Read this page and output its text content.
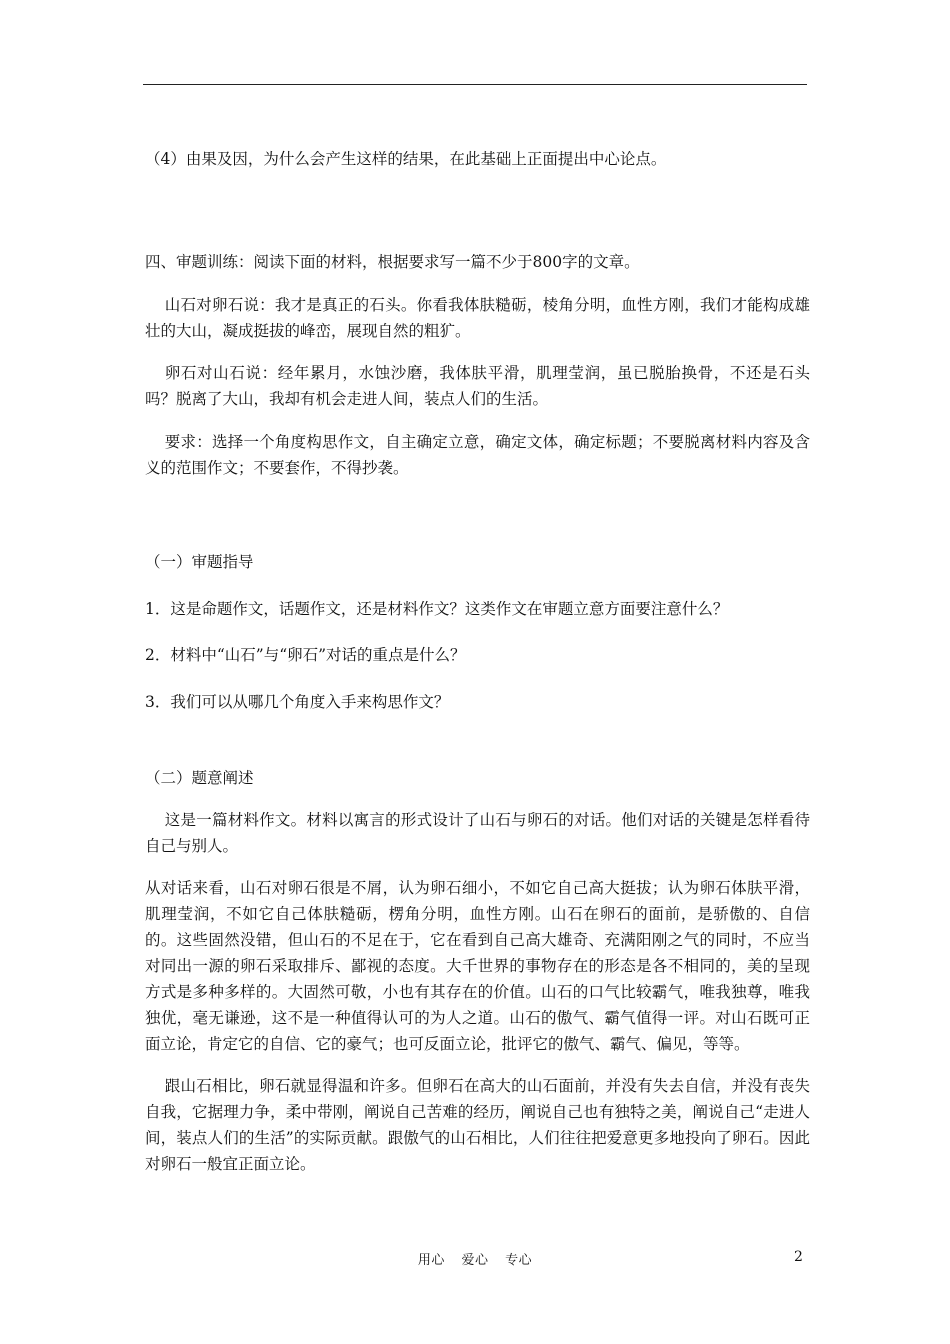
（4）由果及因，为什么会产生这样的结果，在此基础上正面提出中心论点。

四、审题训练：阅读下面的材料，根据要求写一篇不少于800字的文章。

山石对卵石说：我才是真正的石头。你看我体肤糙砺，棱角分明，血性方刚，我们才能构成雄壮的大山，凝成挺拔的峰峦，展现自然的粗犷。

卵石对山石说：经年累月，水蚀沙磨，我体肤平滑，肌理莹润，虽已脱胎换骨，不还是石头吗？脱离了大山，我却有机会走进人间，装点人们的生活。

要求：选择一个角度构思作文，自主确定立意，确定文体，确定标题；不要脱离材料内容及含义的范围作文；不要套作，不得抄袭。

（一）审题指导

1．这是命题作文，话题作文，还是材料作文？这类作文在审题立意方面要注意什么？

2．材料中“山石”与“卵石”对话的重点是什么？

3．我们可以从哪几个角度入手来构思作文？

（二）题意阐述

这是一篇材料作文。材料以寓言的形式设计了山石与卵石的对话。他们对话的关键是怎样看待自己与别人。

从对话来看，山石对卵石很是不屑，认为卵石细小，不如它自己高大挺拔；认为卵石体肤平滑，肌理莹润，不如它自己体肤糙砺，楞角分明，血性方刚。山石在卵石的面前，是骄傲的、自信的。这些固然没错，但山石的不足在于，它在看到自己高大雄奇、充满阳刚之气的同时，不应当对同出一源的卵石采取排斥、鄙视的态度。大千世界的事物存在的形态是各不相同的，美的呈现方式是多种多样的。大固然可敬，小也有其存在的价值。山石的口气比较霸气，唯我独尊，唯我独优，毫无谦逊，这不是一种值得认可的为人之道。山石的傲气、霸气值得一评。对山石既可正面立论，肯定它的自信、它的豪气；也可反面立论，批评它的傲气、霸气、偏见，等等。

跟山石相比，卵石就显得温和许多。但卵石在高大的山石面前，并没有失去自信，并没有丧失自我，它据理力争，柔中带刚，阐说自己苦难的经历，阐说自己也有独特之美，阐说自己“走进人间，装点人们的生活”的实际贡献。跟傲气的山石相比，人们往往把爱意更多地投向了卵石。因此对卵石一般宜正面立论。

用心 爱心 专心	2
